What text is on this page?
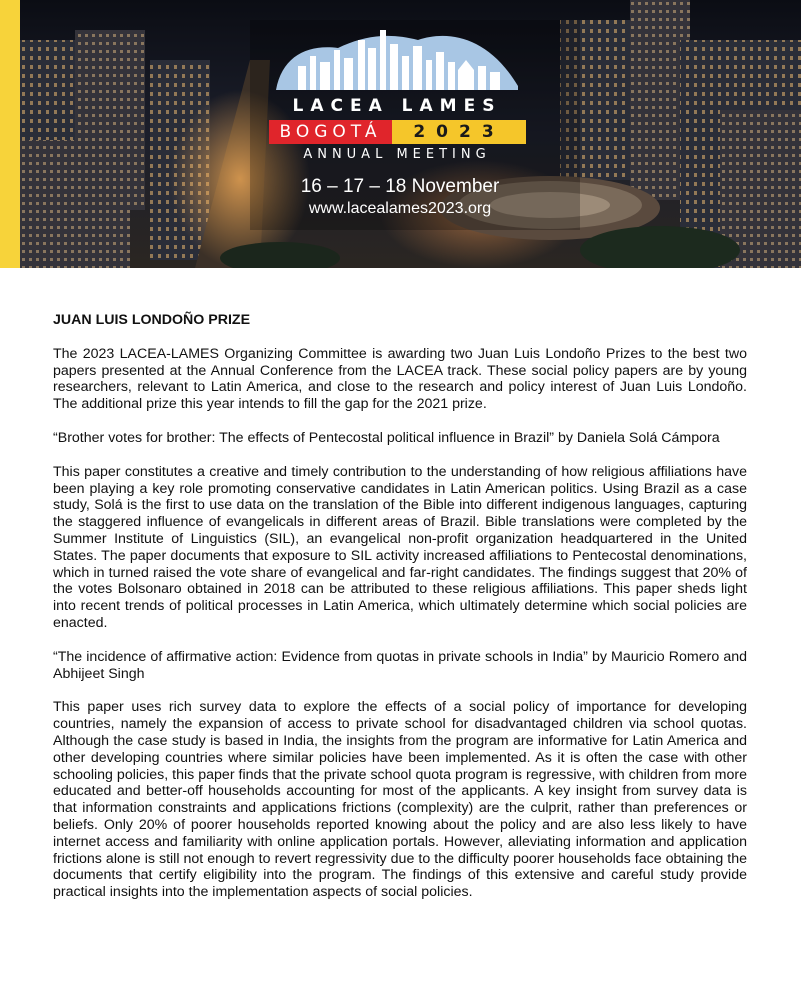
LACEA LAMES
BOGOTÁ	2023
ANNUAL MEETING
16 – 17 – 18 November
www.lacealames2023.org
JUAN LUIS LONDOÑO PRIZE

The 2023 LACEA-LAMES Organizing Committee is awarding two Juan Luis Londoño Prizes to the best two papers presented at the Annual Conference from the LACEA track. These social policy papers are by young researchers, relevant to Latin America, and close to the research and policy interest of Juan Luis Londoño. The additional prize this year intends to fill the gap for the 2021 prize.

“Brother votes for brother: The effects of Pentecostal political influence in Brazil” by Daniela Solá Cámpora

This paper constitutes a creative and timely contribution to the understanding of how religious affiliations have been playing a key role promoting conservative candidates in Latin American politics. Using Brazil as a case study, Solá is the first to use data on the translation of the Bible into different indigenous languages, capturing the staggered influence of evangelicals in different areas of Brazil. Bible translations were completed by the Summer Institute of Linguistics (SIL), an evangelical non-profit organization headquartered in the United States. The paper documents that exposure to SIL activity increased affiliations to Pentecostal denominations, which in turned raised the vote share of evangelical and far-right candidates. The findings suggest that 20% of the votes Bolsonaro obtained in 2018 can be attributed to these religious affiliations. This paper sheds light into recent trends of political processes in Latin America, which ultimately determine which social policies are enacted.

“The incidence of affirmative action: Evidence from quotas in private schools in India” by Mauricio Romero and Abhijeet Singh

This paper uses rich survey data to explore the effects of a social policy of importance for developing countries, namely the expansion of access to private school for disadvantaged children via school quotas. Although the case study is based in India, the insights from the program are informative for Latin America and other developing countries where similar policies have been implemented. As it is often the case with other schooling policies, this paper finds that the private school quota program is regressive, with children from more educated and better-off households accounting for most of the applicants. A key insight from survey data is that information constraints and applications frictions (complexity) are the culprit, rather than preferences or beliefs. Only 20% of poorer households reported knowing about the policy and are also less likely to have internet access and familiarity with online application portals. However, alleviating information and application frictions alone is still not enough to revert regressivity due to the difficulty poorer households face obtaining the documents that certify eligibility into the program. The findings of this extensive and careful study provide practical insights into the implementation aspects of social policies.
